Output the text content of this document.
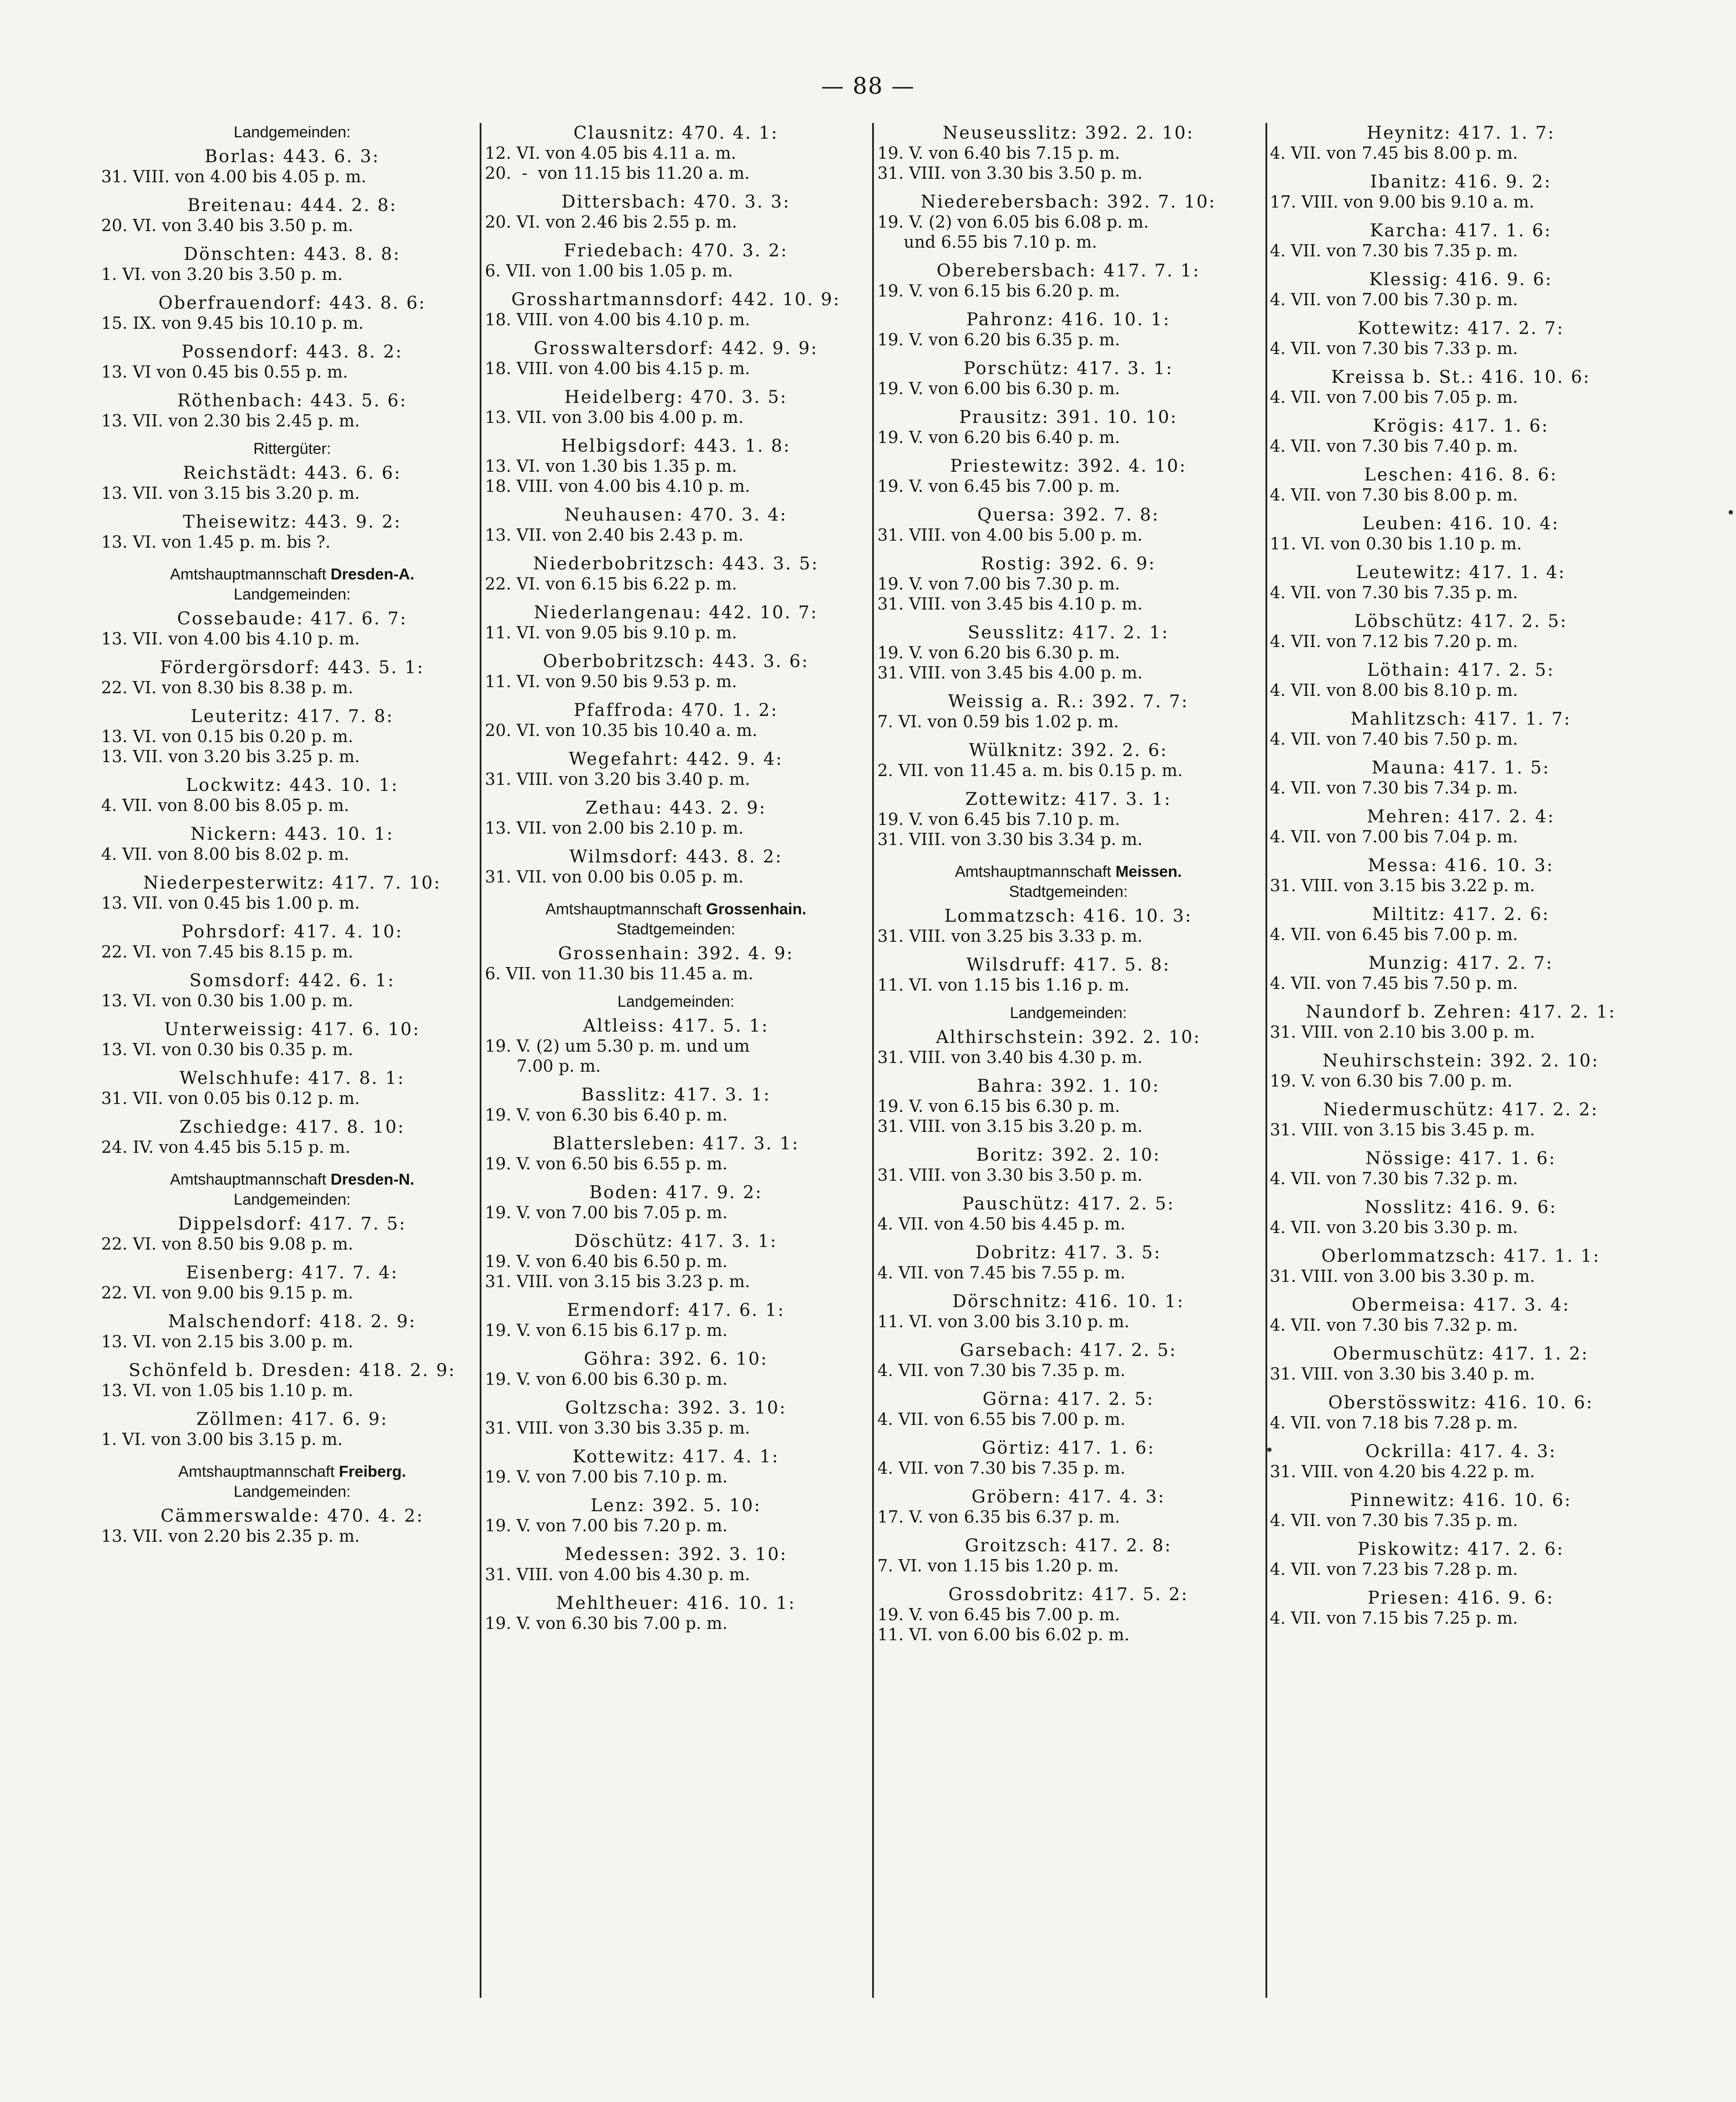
— 88 —
Landgemeinden:
Borlas: 443. 6. 3:
31. VIII. von 4.00 bis 4.05 p. m.
Breitenau: 444. 2. 8:
20. VI. von 3.40 bis 3.50 p. m.
Dönschten: 443. 8. 8:
1. VI. von 3.20 bis 3.50 p. m.
Oberfrauendorf: 443. 8. 6:
15. IX. von 9.45 bis 10.10 p. m.
Possendorf: 443. 8. 2:
13. VI von 0.45 bis 0.55 p. m.
Röthenbach: 443. 5. 6:
13. VII. von 2.30 bis 2.45 p. m.
Rittergüter:
Reichstädt: 443. 6. 6:
13. VII. von 3.15 bis 3.20 p. m.
Theisewitz: 443. 9. 2:
13. VI. von 1.45 p. m. bis ?.
Amtshauptmannschaft Dresden-A.
Landgemeinden:
Cossebaude: 417. 6. 7:
13. VII. von 4.00 bis 4.10 p. m.
Fördergörsdorf: 443. 5. 1:
22. VI. von 8.30 bis 8.38 p. m.
Leuteritz: 417. 7. 8:
13. VI. von 0.15 bis 0.20 p. m.
13. VII. von 3.20 bis 3.25 p. m.
Lockwitz: 443. 10. 1:
4. VII. von 8.00 bis 8.05 p. m.
Nickern: 443. 10. 1:
4. VII. von 8.00 bis 8.02 p. m.
Niederpesterwitz: 417. 7. 10:
13. VII. von 0.45 bis 1.00 p. m.
Pohrsdorf: 417. 4. 10:
22. VI. von 7.45 bis 8.15 p. m.
Somsdorf: 442. 6. 1:
13. VI. von 0.30 bis 1.00 p. m.
Unterweissig: 417. 6. 10:
13. VI. von 0.30 bis 0.35 p. m.
Welschhufe: 417. 8. 1:
31. VII. von 0.05 bis 0.12 p. m.
Zschiedge: 417. 8. 10:
24. IV. von 4.45 bis 5.15 p. m.
Amtshauptmannschaft Dresden-N.
Landgemeinden:
Dippelsdorf: 417. 7. 5:
22. VI. von 8.50 bis 9.08 p. m.
Eisenberg: 417. 7. 4:
22. VI. von 9.00 bis 9.15 p. m.
Malschendorf: 418. 2. 9:
13. VI. von 2.15 bis 3.00 p. m.
Schönfeld b. Dresden: 418. 2. 9:
13. VI. von 1.05 bis 1.10 p. m.
Zöllmen: 417. 6. 9:
1. VI. von 3.00 bis 3.15 p. m.
Amtshauptmannschaft Freiberg.
Landgemeinden:
Cämmerswalde: 470. 4. 2:
13. VII. von 2.20 bis 2.35 p. m.
Clausnitz: 470. 4. 1:
12. VI. von 4.05 bis 4.11 a. m.
20.  -  von 11.15 bis 11.20 a. m.
Dittersbach: 470. 3. 3:
20. VI. von 2.46 bis 2.55 p. m.
Friedebach: 470. 3. 2:
6. VII. von 1.00 bis 1.05 p. m.
Grosshartmannsdorf: 442. 10. 9:
18. VIII. von 4.00 bis 4.10 p. m.
Grosswaltersdorf: 442. 9. 9:
18. VIII. von 4.00 bis 4.15 p. m.
Heidelberg: 470. 3. 5:
13. VII. von 3.00 bis 4.00 p. m.
Helbigsdorf: 443. 1. 8:
13. VI. von 1.30 bis 1.35 p. m.
18. VIII. von 4.00 bis 4.10 p. m.
Neuhausen: 470. 3. 4:
13. VII. von 2.40 bis 2.43 p. m.
Niederbobritzsch: 443. 3. 5:
22. VI. von 6.15 bis 6.22 p. m.
Niederlangenau: 442. 10. 7:
11. VI. von 9.05 bis 9.10 p. m.
Oberbobritzsch: 443. 3. 6:
11. VI. von 9.50 bis 9.53 p. m.
Pfaffroda: 470. 1. 2:
20. VI. von 10.35 bis 10.40 a. m.
Wegefahrt: 442. 9. 4:
31. VIII. von 3.20 bis 3.40 p. m.
Zethau: 443. 2. 9:
13. VII. von 2.00 bis 2.10 p. m.
Wilmsdorf: 443. 8. 2:
31. VII. von 0.00 bis 0.05 p. m.
Amtshauptmannschaft Grossenhain.
Stadtgemeinden:
Grossenhain: 392. 4. 9:
6. VII. von 11.30 bis 11.45 a. m.
Landgemeinden:
Altleiss: 417. 5. 1:
19. V. (2) um 5.30 p. m. und um
7.00 p. m.
Basslitz: 417. 3. 1:
19. V. von 6.30 bis 6.40 p. m.
Blattersleben: 417. 3. 1:
19. V. von 6.50 bis 6.55 p. m.
Boden: 417. 9. 2:
19. V. von 7.00 bis 7.05 p. m.
Döschütz: 417. 3. 1:
19. V. von 6.40 bis 6.50 p. m.
31. VIII. von 3.15 bis 3.23 p. m.
Ermendorf: 417. 6. 1:
19. V. von 6.15 bis 6.17 p. m.
Göhra: 392. 6. 10:
19. V. von 6.00 bis 6.30 p. m.
Goltzscha: 392. 3. 10:
31. VIII. von 3.30 bis 3.35 p. m.
Kottewitz: 417. 4. 1:
19. V. von 7.00 bis 7.10 p. m.
Lenz: 392. 5. 10:
19. V. von 7.00 bis 7.20 p. m.
Medessen: 392. 3. 10:
31. VIII. von 4.00 bis 4.30 p. m.
Mehltheuer: 416. 10. 1:
19. V. von 6.30 bis 7.00 p. m.
Neuseusslitz: 392. 2. 10:
19. V. von 6.40 bis 7.15 p. m.
31. VIII. von 3.30 bis 3.50 p. m.
Niederebersbach: 392. 7. 10:
19. V. (2) von 6.05 bis 6.08 p. m.
und 6.55 bis 7.10 p. m.
Oberebersbach: 417. 7. 1:
19. V. von 6.15 bis 6.20 p. m.
Pahronz: 416. 10. 1:
19. V. von 6.20 bis 6.35 p. m.
Porschütz: 417. 3. 1:
19. V. von 6.00 bis 6.30 p. m.
Prausitz: 391. 10. 10:
19. V. von 6.20 bis 6.40 p. m.
Priestewitz: 392. 4. 10:
19. V. von 6.45 bis 7.00 p. m.
Quersa: 392. 7. 8:
31. VIII. von 4.00 bis 5.00 p. m.
Rostig: 392. 6. 9:
19. V. von 7.00 bis 7.30 p. m.
31. VIII. von 3.45 bis 4.10 p. m.
Seusslitz: 417. 2. 1:
19. V. von 6.20 bis 6.30 p. m.
31. VIII. von 3.45 bis 4.00 p. m.
Weissig a. R.: 392. 7. 7:
7. VI. von 0.59 bis 1.02 p. m.
Wülknitz: 392. 2. 6:
2. VII. von 11.45 a. m. bis 0.15 p. m.
Zottewitz: 417. 3. 1:
19. V. von 6.45 bis 7.10 p. m.
31. VIII. von 3.30 bis 3.34 p. m.
Amtshauptmannschaft Meissen.
Stadtgemeinden:
Lommatzsch: 416. 10. 3:
31. VIII. von 3.25 bis 3.33 p. m.
Wilsdruff: 417. 5. 8:
11. VI. von 1.15 bis 1.16 p. m.
Landgemeinden:
Althirschstein: 392. 2. 10:
31. VIII. von 3.40 bis 4.30 p. m.
Bahra: 392. 1. 10:
19. V. von 6.15 bis 6.30 p. m.
31. VIII. von 3.15 bis 3.20 p. m.
Boritz: 392. 2. 10:
31. VIII. von 3.30 bis 3.50 p. m.
Pauschütz: 417. 2. 5:
4. VII. von 4.50 bis 4.45 p. m.
Dobritz: 417. 3. 5:
4. VII. von 7.45 bis 7.55 p. m.
Dörschnitz: 416. 10. 1:
11. VI. von 3.00 bis 3.10 p. m.
Garsebach: 417. 2. 5:
4. VII. von 7.30 bis 7.35 p. m.
Görna: 417. 2. 5:
4. VII. von 6.55 bis 7.00 p. m.
Görtiz: 417. 1. 6:
4. VII. von 7.30 bis 7.35 p. m.
Gröbern: 417. 4. 3:
17. V. von 6.35 bis 6.37 p. m.
Groitzsch: 417. 2. 8:
7. VI. von 1.15 bis 1.20 p. m.
Grossdobritz: 417. 5. 2:
19. V. von 6.45 bis 7.00 p. m.
11. VI. von 6.00 bis 6.02 p. m.
Heynitz: 417. 1. 7:
4. VII. von 7.45 bis 8.00 p. m.
Ibanitz: 416. 9. 2:
17. VIII. von 9.00 bis 9.10 a. m.
Karcha: 417. 1. 6:
4. VII. von 7.30 bis 7.35 p. m.
Klessig: 416. 9. 6:
4. VII. von 7.00 bis 7.30 p. m.
Kottewitz: 417. 2. 7:
4. VII. von 7.30 bis 7.33 p. m.
Kreissa b. St.: 416. 10. 6:
4. VII. von 7.00 bis 7.05 p. m.
Krögis: 417. 1. 6:
4. VII. von 7.30 bis 7.40 p. m.
Leschen: 416. 8. 6:
4. VII. von 7.30 bis 8.00 p. m.
Leuben: 416. 10. 4:
11. VI. von 0.30 bis 1.10 p. m.
Leutewitz: 417. 1. 4:
4. VII. von 7.30 bis 7.35 p. m.
Löbschütz: 417. 2. 5:
4. VII. von 7.12 bis 7.20 p. m.
Löthain: 417. 2. 5:
4. VII. von 8.00 bis 8.10 p. m.
Mahlitzsch: 417. 1. 7:
4. VII. von 7.40 bis 7.50 p. m.
Mauna: 417. 1. 5:
4. VII. von 7.30 bis 7.34 p. m.
Mehren: 417. 2. 4:
4. VII. von 7.00 bis 7.04 p. m.
Messa: 416. 10. 3:
31. VIII. von 3.15 bis 3.22 p. m.
Miltitz: 417. 2. 6:
4. VII. von 6.45 bis 7.00 p. m.
Munzig: 417. 2. 7:
4. VII. von 7.45 bis 7.50 p. m.
Naundorf b. Zehren: 417. 2. 1:
31. VIII. von 2.10 bis 3.00 p. m.
Neuhirschstein: 392. 2. 10:
19. V. von 6.30 bis 7.00 p. m.
Niedermuschütz: 417. 2. 2:
31. VIII. von 3.15 bis 3.45 p. m.
Nössige: 417. 1. 6:
4. VII. von 7.30 bis 7.32 p. m.
Nosslitz: 416. 9. 6:
4. VII. von 3.20 bis 3.30 p. m.
Oberlommatzsch: 417. 1. 1:
31. VIII. von 3.00 bis 3.30 p. m.
Obermeisa: 417. 3. 4:
4. VII. von 7.30 bis 7.32 p. m.
Obermuschütz: 417. 1. 2:
31. VIII. von 3.30 bis 3.40 p. m.
Oberstösswitz: 416. 10. 6:
4. VII. von 7.18 bis 7.28 p. m.
Ockrilla: 417. 4. 3:
31. VIII. von 4.20 bis 4.22 p. m.
Pinnewitz: 416. 10. 6:
4. VII. von 7.30 bis 7.35 p. m.
Piskowitz: 417. 2. 6:
4. VII. von 7.23 bis 7.28 p. m.
Priesen: 416. 9. 6:
4. VII. von 7.15 bis 7.25 p. m.
